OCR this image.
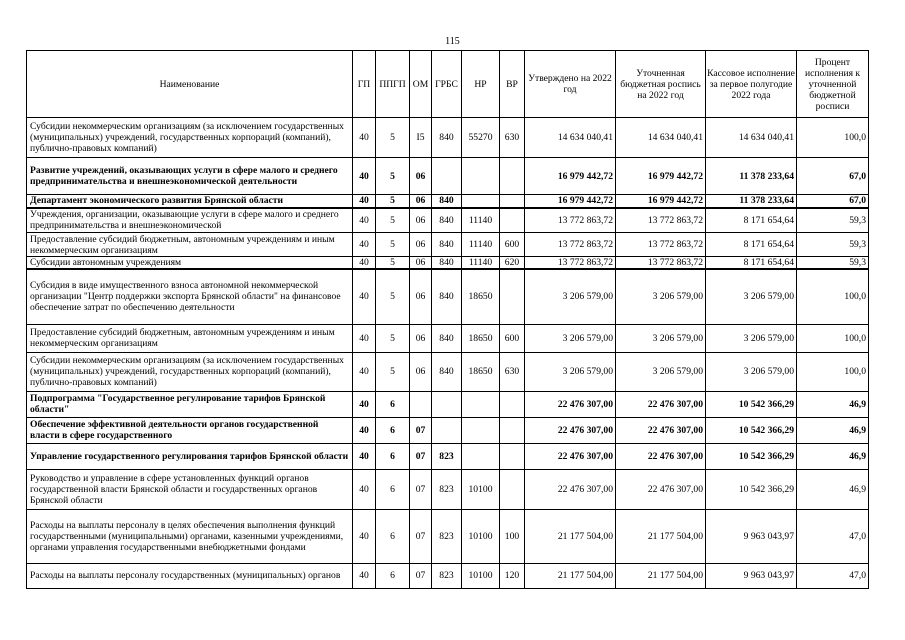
115
Наименование	ГП	ППГП	ОМ	ГРБС	НР	ВР	Утверждено на 2022 год	Уточненная бюджетная роспись на 2022 год	Кассовое исполнение за первое полугодие 2022 года	Процент исполнения к уточненной бюджетной росписи
Субсидии некоммерческим организациям (за исключением государственных (муниципальных) учреждений, государственных корпораций (компаний), публично-правовых компаний)	40	5	I5	840	55270	630	14 634 040,41	14 634 040,41	14 634 040,41	100,0
Развитие учреждений, оказывающих услуги в сфере малого и среднего предпринимательства и внешнеэкономической деятельности	40	5	06				16 979 442,72	16 979 442,72	11 378 233,64	67,0
Департамент экономического развития Брянской области	40	5	06	840			16 979 442,72	16 979 442,72	11 378 233,64	67,0
Учреждения, организации, оказывающие услуги в сфере малого и среднего предпринимательства и внешнеэкономической	40	5	06	840	11140		13 772 863,72	13 772 863,72	8 171 654,64	59,3
Предоставление субсидий бюджетным, автономным учреждениям и иным некоммерческим организациям	40	5	06	840	11140	600	13 772 863,72	13 772 863,72	8 171 654,64	59,3
Субсидии автономным учреждениям	40	5	06	840	11140	620	13 772 863,72	13 772 863,72	8 171 654,64	59,3
Субсидия в виде имущественного взноса автономной некоммерческой организации "Центр поддержки экспорта Брянской области" на финансовое обеспечение затрат по обеспечению деятельности	40	5	06	840	18650		3 206 579,00	3 206 579,00	3 206 579,00	100,0
Предоставление субсидий бюджетным, автономным учреждениям и иным некоммерческим организациям	40	5	06	840	18650	600	3 206 579,00	3 206 579,00	3 206 579,00	100,0
Субсидии некоммерческим организациям (за исключением государственных (муниципальных) учреждений, государственных корпораций (компаний), публично-правовых компаний)	40	5	06	840	18650	630	3 206 579,00	3 206 579,00	3 206 579,00	100,0
Подпрограмма "Государственное регулирование тарифов Брянской области"	40	6					22 476 307,00	22 476 307,00	10 542 366,29	46,9
Обеспечение эффективной деятельности органов государственной власти в сфере государственного	40	6	07				22 476 307,00	22 476 307,00	10 542 366,29	46,9
Управление государственного регулирования тарифов Брянской области	40	6	07	823			22 476 307,00	22 476 307,00	10 542 366,29	46,9
Руководство и управление в сфере установленных функций органов государственной власти Брянской области и государственных органов Брянской области	40	6	07	823	10100		22 476 307,00	22 476 307,00	10 542 366,29	46,9
Расходы на выплаты персоналу в целях обеспечения выполнения функций государственными (муниципальными) органами, казенными учреждениями, органами управления государственными внебюджетными фондами	40	6	07	823	10100	100	21 177 504,00	21 177 504,00	9 963 043,97	47,0
Расходы на выплаты персоналу государственных (муниципальных) органов	40	6	07	823	10100	120	21 177 504,00	21 177 504,00	9 963 043,97	47,0
